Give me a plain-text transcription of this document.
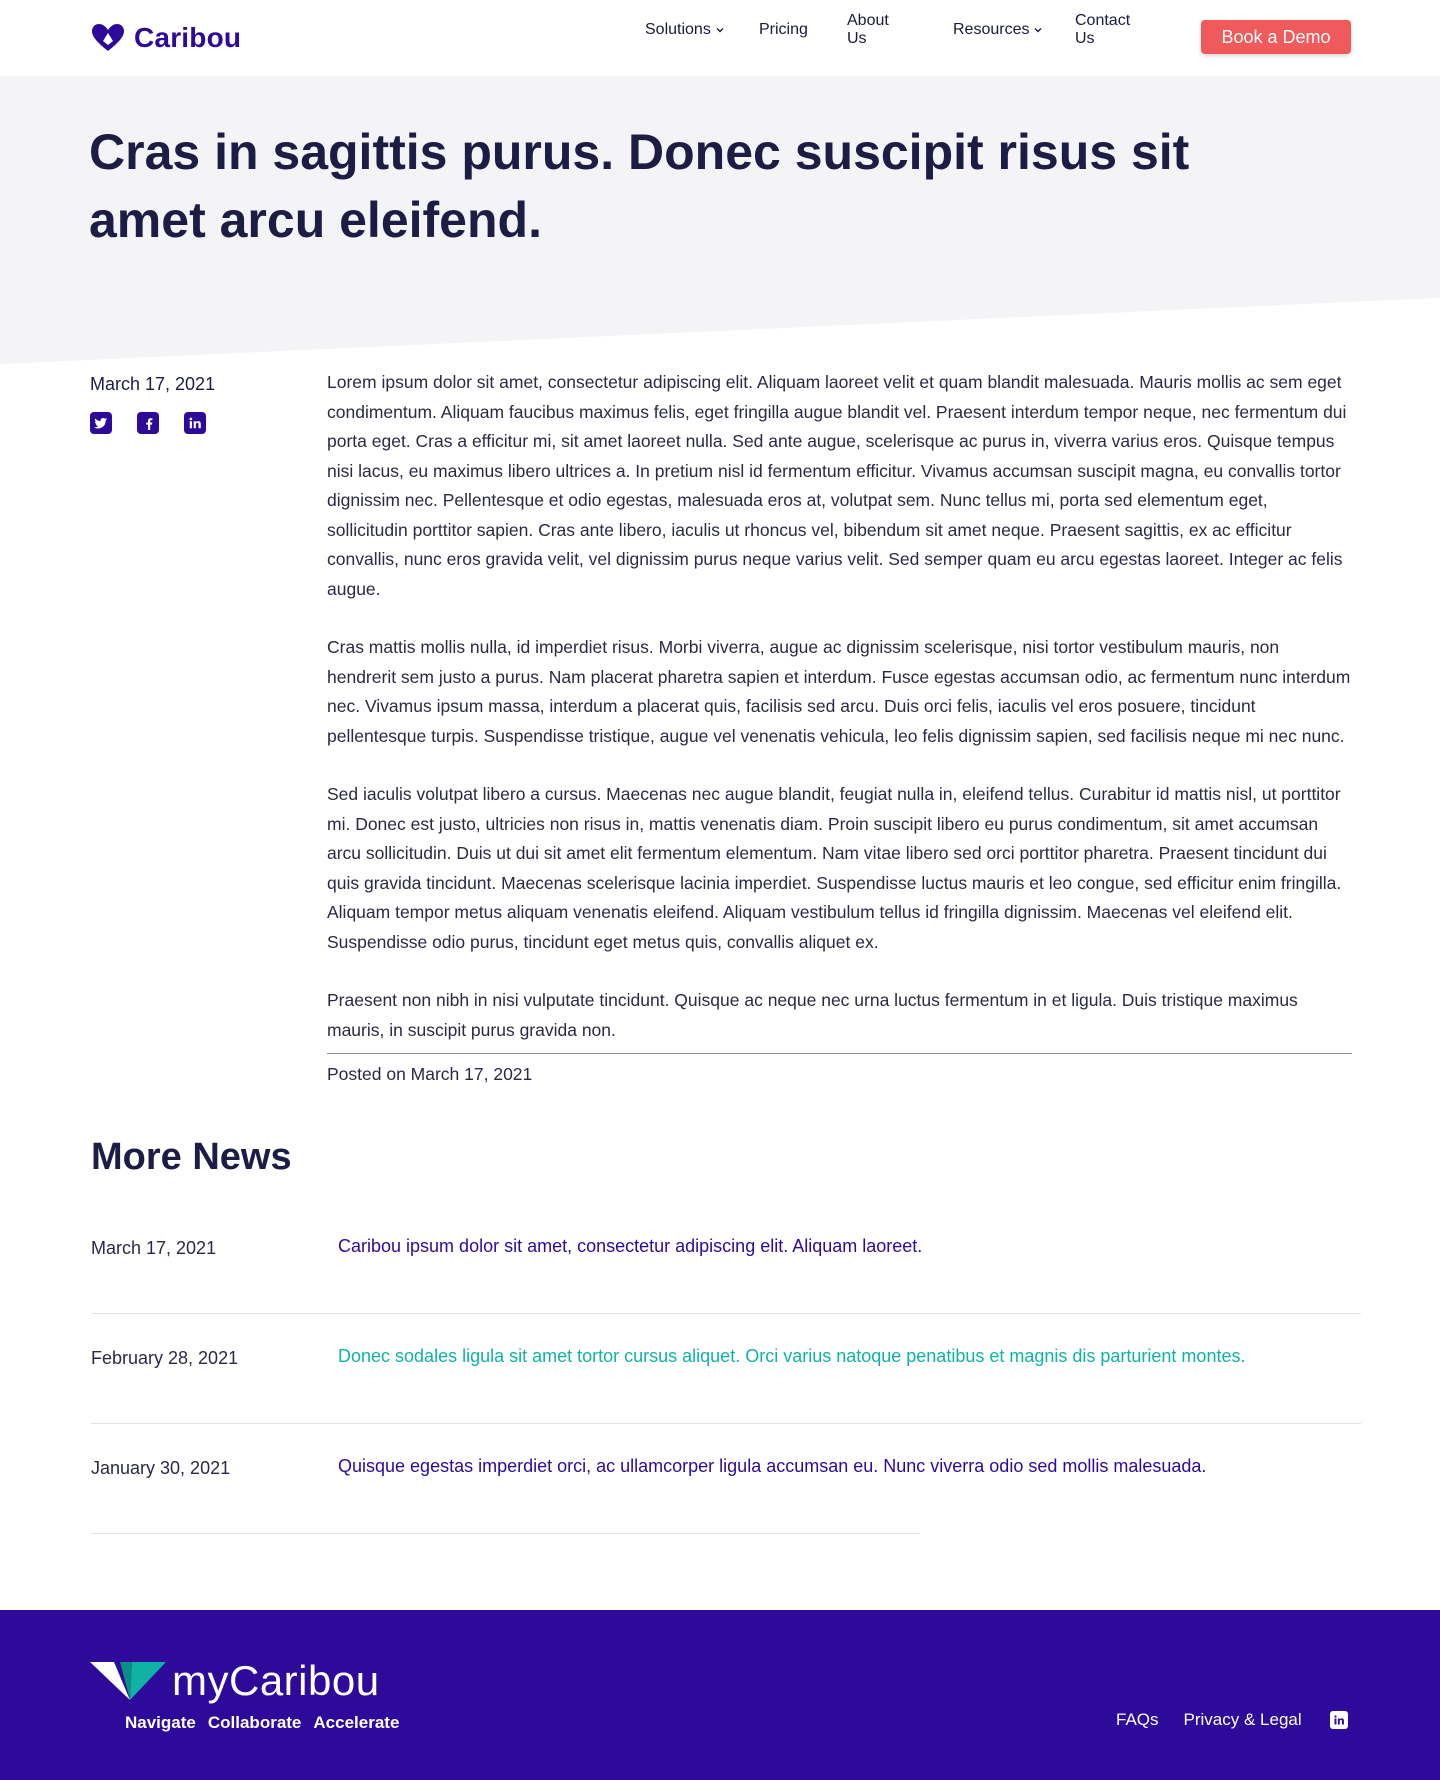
Caribou	Solutions	Pricing
About Us
Resources
Contact Us	Book a Demo
Cras in sagittis purus. Donec suscipit risus sit amet arcu eleifend.
March 17, 2021	Lorem ipsum dolor sit amet, consectetur adipiscing elit. Aliquam laoreet velit et quam blandit malesuada. Mauris mollis ac sem eget condimentum. Aliquam faucibus maximus felis, eget fringilla augue blandit vel. Praesent interdum tempor neque, nec fermentum dui porta eget. Cras a efficitur mi, sit amet laoreet nulla. Sed ante augue, scelerisque ac purus in, viverra varius eros. Quisque tempus nisi lacus, eu maximus libero ultrices a. In pretium nisl id fermentum efficitur. Vivamus accumsan suscipit magna, eu convallis tortor dignissim nec. Pellentesque et odio egestas, malesuada eros at, volutpat sem. Nunc tellus mi, porta sed elementum eget, sollicitudin porttitor sapien. Cras ante libero, iaculis ut rhoncus vel, bibendum sit amet neque. Praesent sagittis, ex ac efficitur convallis, nunc eros gravida velit, vel dignissim purus neque varius velit. Sed semper quam eu arcu egestas laoreet. Integer ac felis augue.

Cras mattis mollis nulla, id imperdiet risus. Morbi viverra, augue ac dignissim scelerisque, nisi tortor vestibulum mauris, non hendrerit sem justo a purus. Nam placerat pharetra sapien et interdum. Fusce egestas accumsan odio, ac fermentum nunc interdum nec. Vivamus ipsum massa, interdum a placerat quis, facilisis sed arcu. Duis orci felis, iaculis vel eros posuere, tincidunt pellentesque turpis. Suspendisse tristique, augue vel venenatis vehicula, leo felis dignissim sapien, sed facilisis neque mi nec nunc.

Sed iaculis volutpat libero a cursus. Maecenas nec augue blandit, feugiat nulla in, eleifend tellus. Curabitur id mattis nisl, ut porttitor mi. Donec est justo, ultricies non risus in, mattis venenatis diam. Proin suscipit libero eu purus condimentum, sit amet accumsan arcu sollicitudin. Duis ut dui sit amet elit fermentum elementum. Nam vitae libero sed orci porttitor pharetra. Praesent tincidunt dui quis gravida tincidunt. Maecenas scelerisque lacinia imperdiet. Suspendisse luctus mauris et leo congue, sed efficitur enim fringilla. Aliquam tempor metus aliquam venenatis eleifend. Aliquam vestibulum tellus id fringilla dignissim. Maecenas vel eleifend elit. Suspendisse odio purus, tincidunt eget metus quis, convallis aliquet ex.

Praesent non nibh in nisi vulputate tincidunt. Quisque ac neque nec urna luctus fermentum in et ligula. Duis tristique maximus mauris, in suscipit purus gravida non.

Posted on March 17, 2021
More News
March 17, 2021	Caribou ipsum dolor sit amet, consectetur adipiscing elit. Aliquam laoreet.
February 28, 2021	Donec sodales ligula sit amet tortor cursus aliquet. Orci varius natoque penatibus et magnis dis parturient montes.
January 30, 2021	Quisque egestas imperdiet orci, ac ullamcorper ligula accumsan eu. Nunc viverra odio sed mollis malesuada.
myCaribou
Navigate Collaborate Accelerate	FAQs Privacy & Legal
